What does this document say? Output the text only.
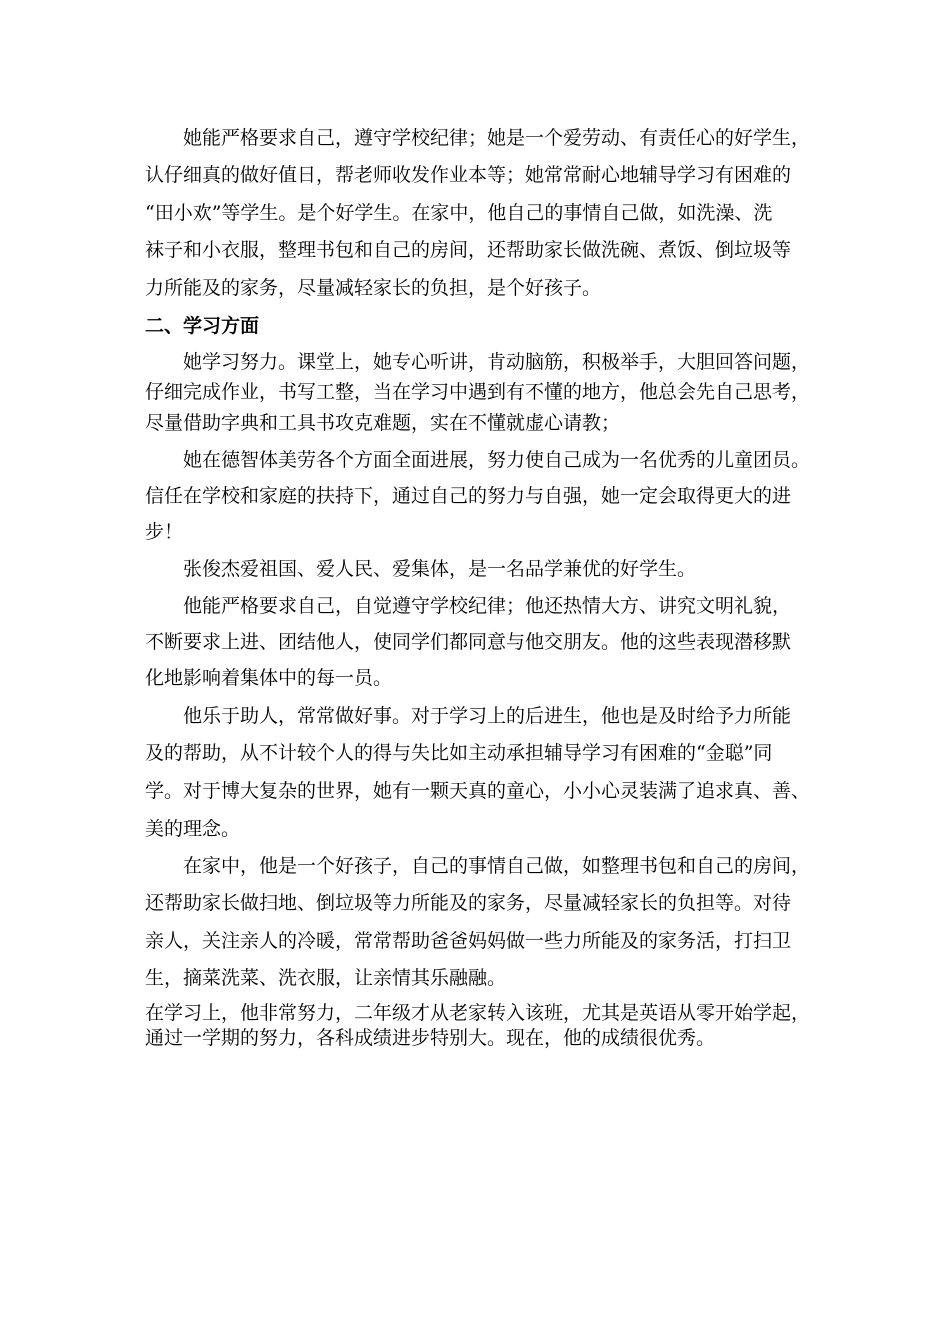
她能严格要求自己，遵守学校纪律；她是一个爱劳动、有责任心的好学生，

认仔细真的做好值日，帮老师收发作业本等；她常常耐心地辅导学习有困难的

“田小欢”等学生。是个好学生。在家中，他自己的事情自己做，如洗澡、洗

袜子和小衣服，整理书包和自己的房间，还帮助家长做洗碗、煮饭、倒垃圾等

力所能及的家务，尽量减轻家长的负担，是个好孩子。

二、学习方面

她学习努力。课堂上，她专心听讲，肯动脑筋，积极举手，大胆回答问题，

仔细完成作业，书写工整，当在学习中遇到有不懂的地方，他总会先自己思考，

尽量借助字典和工具书攻克难题，实在不懂就虚心请教；

她在德智体美劳各个方面全面进展，努力使自己成为一名优秀的儿童团员。

信任在学校和家庭的扶持下，通过自己的努力与自强，她一定会取得更大的进

步！

张俊杰爱祖国、爱人民、爱集体，是一名品学兼优的好学生。

他能严格要求自己，自觉遵守学校纪律；他还热情大方、讲究文明礼貌，

不断要求上进、团结他人，使同学们都同意与他交朋友。他的这些表现潜移默

化地影响着集体中的每一员。

他乐于助人，常常做好事。对于学习上的后进生，他也是及时给予力所能

及的帮助，从不计较个人的得与失比如主动承担辅导学习有困难的“金聪”同

学。对于博大复杂的世界，她有一颗天真的童心，小小心灵装满了追求真、善、

美的理念。

在家中，他是一个好孩子，自己的事情自己做，如整理书包和自己的房间，

还帮助家长做扫地、倒垃圾等力所能及的家务，尽量减轻家长的负担等。对待

亲人，关注亲人的冷暖，常常帮助爸爸妈妈做一些力所能及的家务活，打扫卫

生，摘菜洗菜、洗衣服，让亲情其乐融融。

在学习上，他非常努力，二年级才从老家转入该班，尤其是英语从零开始学起，

通过一学期的努力，各科成绩进步特别大。现在，他的成绩很优秀。
